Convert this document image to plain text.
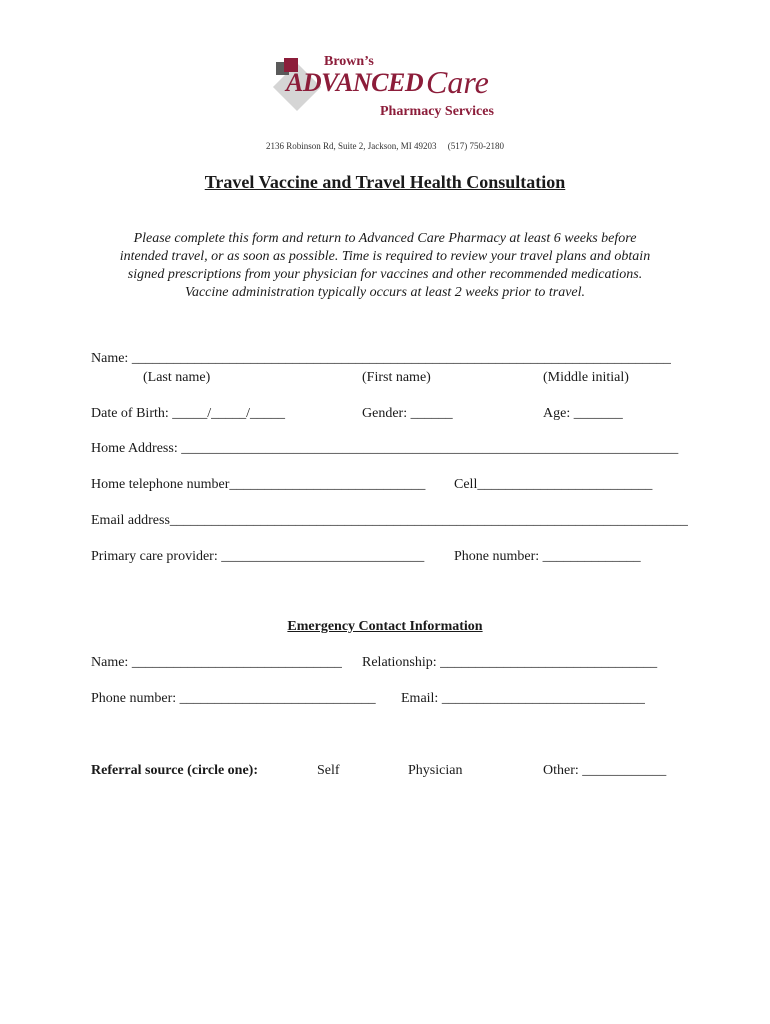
Brown’s
ADVANCED Care
Pharmacy Services
2136 Robinson Rd, Suite 2, Jackson, MI 49203     (517) 750-2180
Travel Vaccine and Travel Health Consultation
Please complete this form and return to Advanced Care Pharmacy at least 6 weeks before
intended travel, or as soon as possible. Time is required to review your travel plans and obtain
signed prescriptions from your physician for vaccines and other recommended medications.
Vaccine administration typically occurs at least 2 weeks prior to travel.
Name: _____________________________________________________________________________
(Last name)	(First name)	(Middle initial)
Date of Birth: _____/_____/_____	Gender: ______	Age: _______
Home Address: _______________________________________________________________________
Home telephone number____________________________ Cell_________________________
Email address__________________________________________________________________________
Primary care provider: _____________________________ Phone number: ______________
Emergency Contact Information
Name: ______________________________ Relationship: _______________________________
Phone number: ____________________________ Email: _____________________________
Referral source (circle one):	Self	Physician	Other: ____________
